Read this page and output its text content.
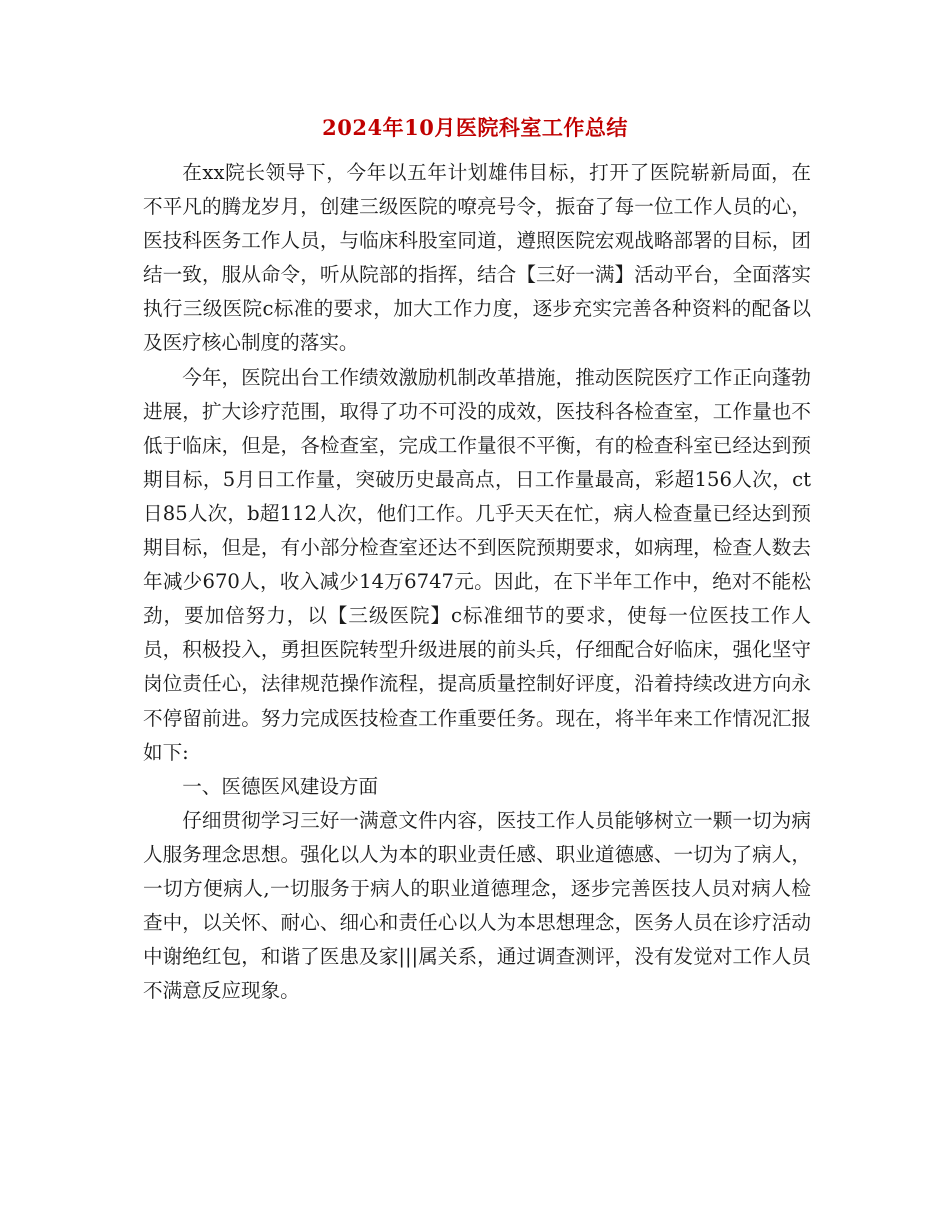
2024年10月医院科室工作总结

在xx院长领导下，今年以五年计划雄伟目标，打开了医院崭新局面，在不平凡的腾龙岁月，创建三级医院的嘹亮号令，振奋了每一位工作人员的心，医技科医务工作人员，与临床科股室同道，遵照医院宏观战略部署的目标，团结一致，服从命令，听从院部的指挥，结合【三好一满】活动平台，全面落实执行三级医院c标准的要求，加大工作力度，逐步充实完善各种资料的配备以及医疗核心制度的落实。

今年，医院出台工作绩效激励机制改革措施，推动医院医疗工作正向蓬勃进展，扩大诊疗范围，取得了功不可没的成效，医技科各检查室，工作量也不低于临床，但是，各检查室，完成工作量很不平衡，有的检查科室已经达到预期目标，5月日工作量，突破历史最高点，日工作量最高，彩超156人次，ct日85人次，b超112人次，他们工作。几乎天天在忙，病人检查量已经达到预期目标，但是，有小部分检查室还达不到医院预期要求，如病理，检查人数去年减少670人，收入减少14万6747元。因此，在下半年工作中，绝对不能松劲，要加倍努力，以【三级医院】c标准细节的要求，使每一位医技工作人员，积极投入，勇担医院转型升级进展的前头兵，仔细配合好临床，强化坚守岗位责任心，法律规范操作流程，提高质量控制好评度，沿着持续改进方向永不停留前进。努力完成医技检查工作重要任务。现在，将半年来工作情况汇报如下:

一、医德医风建设方面

仔细贯彻学习三好一满意文件内容，医技工作人员能够树立一颗一切为病人服务理念思想。强化以人为本的职业责任感、职业道德感、一切为了病人，一切方便病人,一切服务于病人的职业道德理念，逐步完善医技人员对病人检查中，以关怀、耐心、细心和责任心以人为本思想理念，医务人员在诊疗活动中谢绝红包，和谐了医患及家|||属关系，通过调查测评，没有发觉对工作人员不满意反应现象。
